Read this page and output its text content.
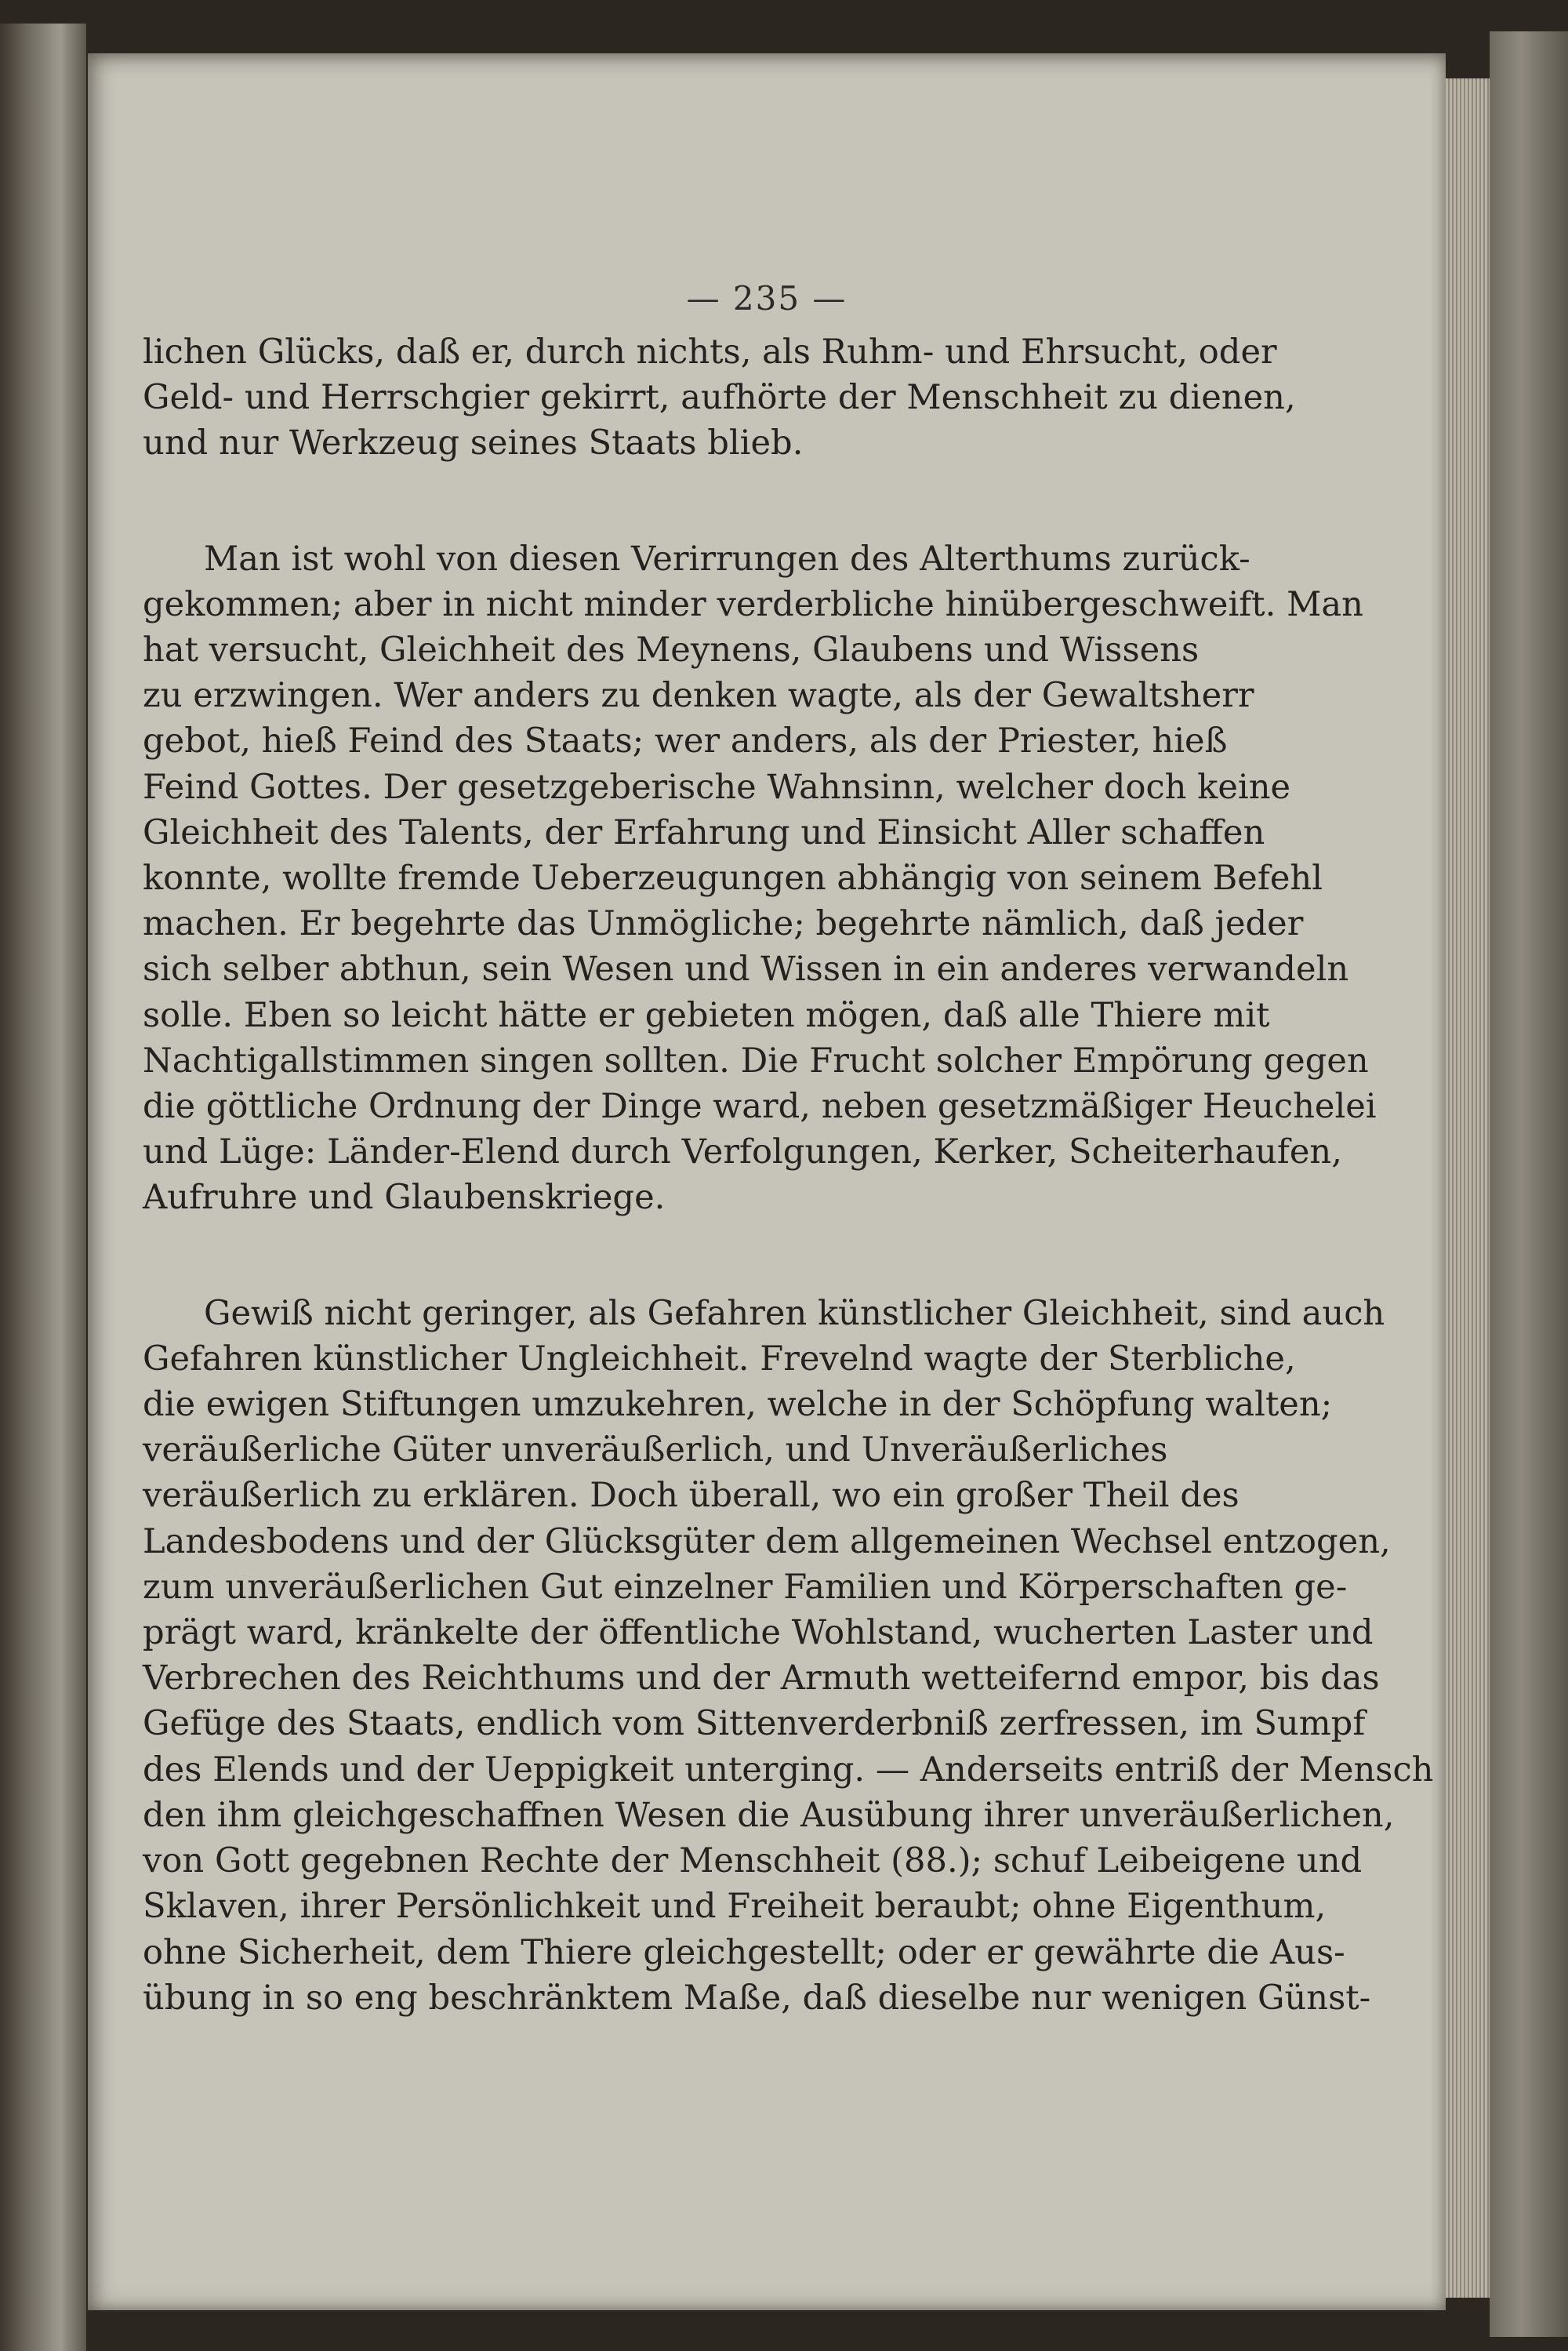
— 235 —
lichen Glücks, daß er, durch nichts, als Ruhm- und Ehrsucht, oder
Geld- und Herrschgier gekirrt, aufhörte der Menschheit zu dienen,
und nur Werkzeug seines Staats blieb.
Man ist wohl von diesen Verirrungen des Alterthums zurück-
gekommen; aber in nicht minder verderbliche hinübergeschweift. Man
hat versucht, Gleichheit des Meynens, Glaubens und Wissens
zu erzwingen. Wer anders zu denken wagte, als der Gewaltsherr
gebot, hieß Feind des Staats; wer anders, als der Priester, hieß
Feind Gottes. Der gesetzgeberische Wahnsinn, welcher doch keine
Gleichheit des Talents, der Erfahrung und Einsicht Aller schaffen
konnte, wollte fremde Ueberzeugungen abhängig von seinem Befehl
machen. Er begehrte das Unmögliche; begehrte nämlich, daß jeder
sich selber abthun, sein Wesen und Wissen in ein anderes verwandeln
solle. Eben so leicht hätte er gebieten mögen, daß alle Thiere mit
Nachtigallstimmen singen sollten. Die Frucht solcher Empörung gegen
die göttliche Ordnung der Dinge ward, neben gesetzmäßiger Heuchelei
und Lüge: Länder-Elend durch Verfolgungen, Kerker, Scheiterhaufen,
Aufruhre und Glaubenskriege.
Gewiß nicht geringer, als Gefahren künstlicher Gleichheit, sind auch
Gefahren künstlicher Ungleichheit. Frevelnd wagte der Sterbliche,
die ewigen Stiftungen umzukehren, welche in der Schöpfung walten;
veräußerliche Güter unveräußerlich, und Unveräußerliches
veräußerlich zu erklären. Doch überall, wo ein großer Theil des
Landesbodens und der Glücksgüter dem allgemeinen Wechsel entzogen,
zum unveräußerlichen Gut einzelner Familien und Körperschaften ge-
prägt ward, kränkelte der öffentliche Wohlstand, wucherten Laster und
Verbrechen des Reichthums und der Armuth wetteifernd empor, bis das
Gefüge des Staats, endlich vom Sittenverderbniß zerfressen, im Sumpf
des Elends und der Ueppigkeit unterging. — Anderseits entriß der Mensch
den ihm gleichgeschaffnen Wesen die Ausübung ihrer unveräußerlichen,
von Gott gegebnen Rechte der Menschheit (88.); schuf Leibeigene und
Sklaven, ihrer Persönlichkeit und Freiheit beraubt; ohne Eigenthum,
ohne Sicherheit, dem Thiere gleichgestellt; oder er gewährte die Aus-
übung in so eng beschränktem Maße, daß dieselbe nur wenigen Günst-
